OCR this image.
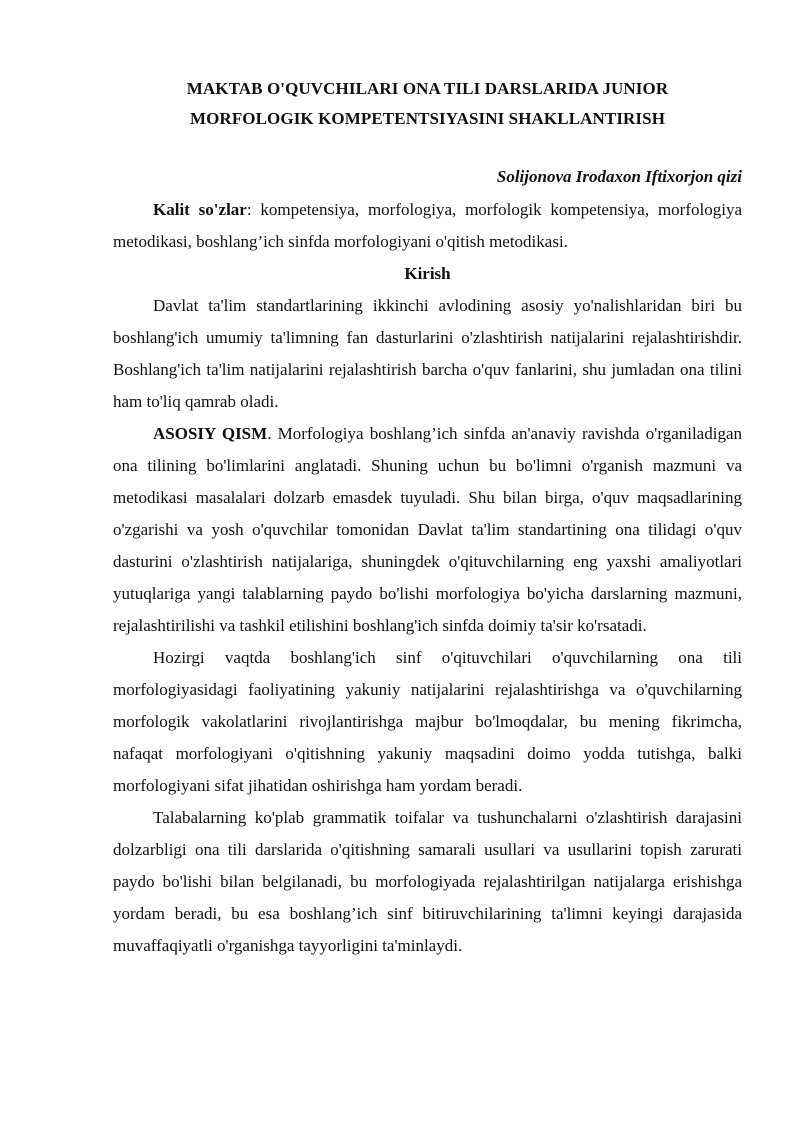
MAKTAB O'QUVCHILARI ONA TILI DARSLARIDA JUNIOR
MORFOLOGIK KOMPETENTSIYASINI SHAKLLANTIRISH
Solijonova Irodaxon Iftixorjon qizi

Kalit so'zlar: kompetensiya, morfologiya, morfologik kompetensiya, morfologiya metodikasi, boshlang’ich sinfda morfologiyani o'qitish metodikasi.

Kirish

Davlat ta'lim standartlarining ikkinchi avlodining asosiy yo'nalishlaridan biri bu boshlang'ich umumiy ta'limning fan dasturlarini o'zlashtirish natijalarini rejalashtirishdir. Boshlang'ich ta'lim natijalarini rejalashtirish barcha o'quv fanlarini, shu jumladan ona tilini ham to'liq qamrab oladi.

ASOSIY QISM. Morfologiya boshlang’ich sinfda an'anaviy ravishda o'rganiladigan ona tilining bo'limlarini anglatadi. Shuning uchun bu bo'limni o'rganish mazmuni va metodikasi masalalari dolzarb emasdek tuyuladi. Shu bilan birga, o'quv maqsadlarining o'zgarishi va yosh o'quvchilar tomonidan Davlat ta'lim standartining ona tilidagi o'quv dasturini o'zlashtirish natijalariga, shuningdek o'qituvchilarning eng yaxshi amaliyotlari yutuqlariga yangi talablarning paydo bo'lishi morfologiya bo'yicha darslarning mazmuni, rejalashtirilishi va tashkil etilishini boshlang'ich sinfda doimiy ta'sir ko'rsatadi.

Hozirgi vaqtda boshlang'ich sinf o'qituvchilari o'quvchilarning ona tili morfologiyasidagi faoliyatining yakuniy natijalarini rejalashtirishga va o'quvchilarning morfologik vakolatlarini rivojlantirishga majbur bo'lmoqdalar, bu mening fikrimcha, nafaqat morfologiyani o'qitishning yakuniy maqsadini doimo yodda tutishga, balki morfologiyani sifat jihatidan oshirishga ham yordam beradi.

Talabalarning ko'plab grammatik toifalar va tushunchalarni o'zlashtirish darajasini dolzarbligi ona tili darslarida o'qitishning samarali usullari va usullarini topish zarurati paydo bo'lishi bilan belgilanadi, bu morfologiyada rejalashtirilgan natijalarga erishishga yordam beradi, bu esa boshlang’ich sinf bitiruvchilarining ta'limni keyingi darajasida muvaffaqiyatli o'rganishga tayyorligini ta'minlaydi.
